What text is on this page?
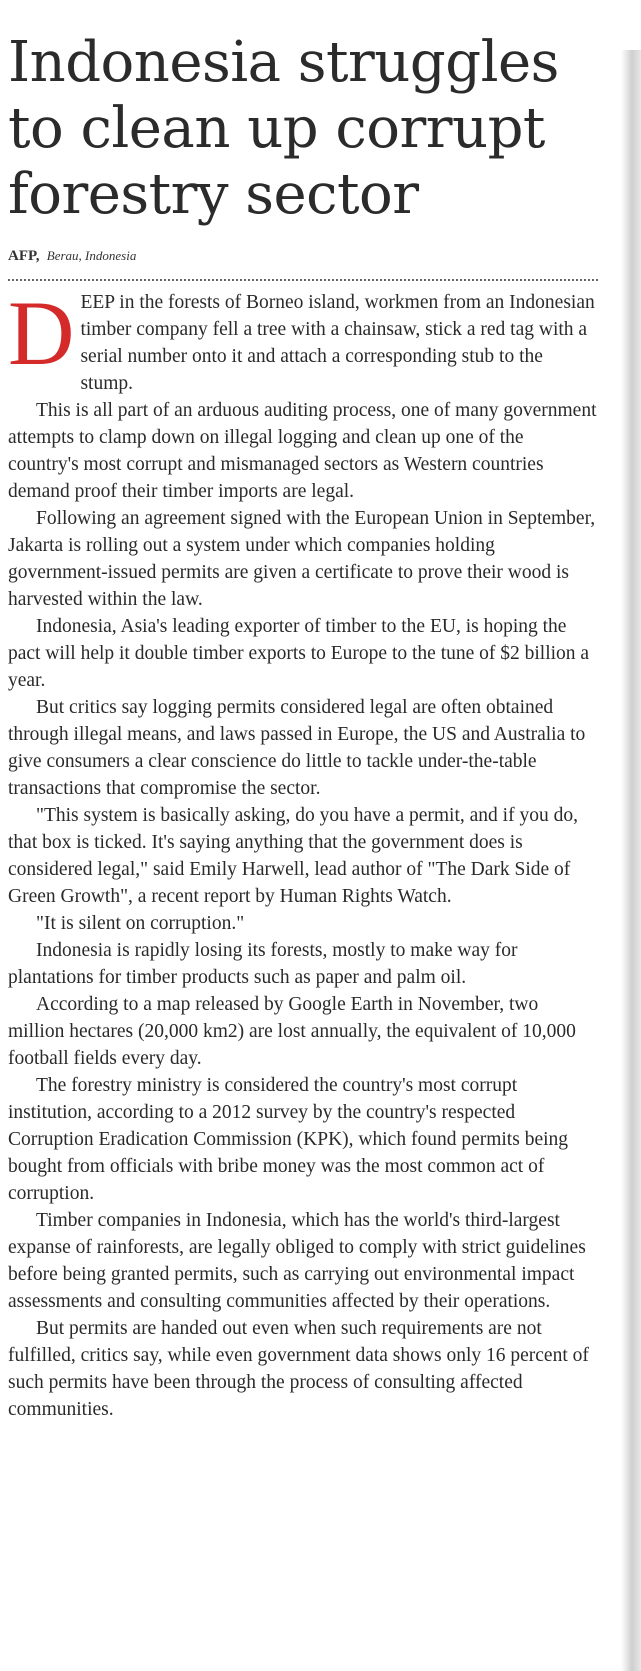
Indonesia struggles to clean up corrupt forestry sector
AFP, Berau, Indonesia

DEEP in the forests of Borneo island, workmen from an Indonesian timber company fell a tree with a chainsaw, stick a red tag with a serial number onto it and attach a corresponding stub to the stump.

This is all part of an arduous auditing process, one of many government attempts to clamp down on illegal logging and clean up one of the country's most corrupt and mismanaged sectors as Western countries demand proof their timber imports are legal.

Following an agreement signed with the European Union in September, Jakarta is rolling out a system under which companies holding government-issued permits are given a certificate to prove their wood is harvested within the law.

Indonesia, Asia's leading exporter of timber to the EU, is hoping the pact will help it double timber exports to Europe to the tune of $2 billion a year.

But critics say logging permits considered legal are often obtained through illegal means, and laws passed in Europe, the US and Australia to give consumers a clear conscience do little to tackle under-the-table transactions that compromise the sector.

"This system is basically asking, do you have a permit, and if you do, that box is ticked. It's saying anything that the government does is considered legal," said Emily Harwell, lead author of "The Dark Side of Green Growth", a recent report by Human Rights Watch.

"It is silent on corruption."

Indonesia is rapidly losing its forests, mostly to make way for plantations for timber products such as paper and palm oil.

According to a map released by Google Earth in November, two million hectares (20,000 km2) are lost annually, the equivalent of 10,000 football fields every day.

The forestry ministry is considered the country's most corrupt institution, according to a 2012 survey by the country's respected Corruption Eradication Commission (KPK), which found permits being bought from officials with bribe money was the most common act of corruption.

Timber companies in Indonesia, which has the world's third-largest expanse of rainforests, are legally obliged to comply with strict guidelines before being granted permits, such as carrying out environmental impact assessments and consulting communities affected by their operations.

But permits are handed out even when such requirements are not fulfilled, critics say, while even government data shows only 16 percent of such permits have been through the process of consulting affected communities.
